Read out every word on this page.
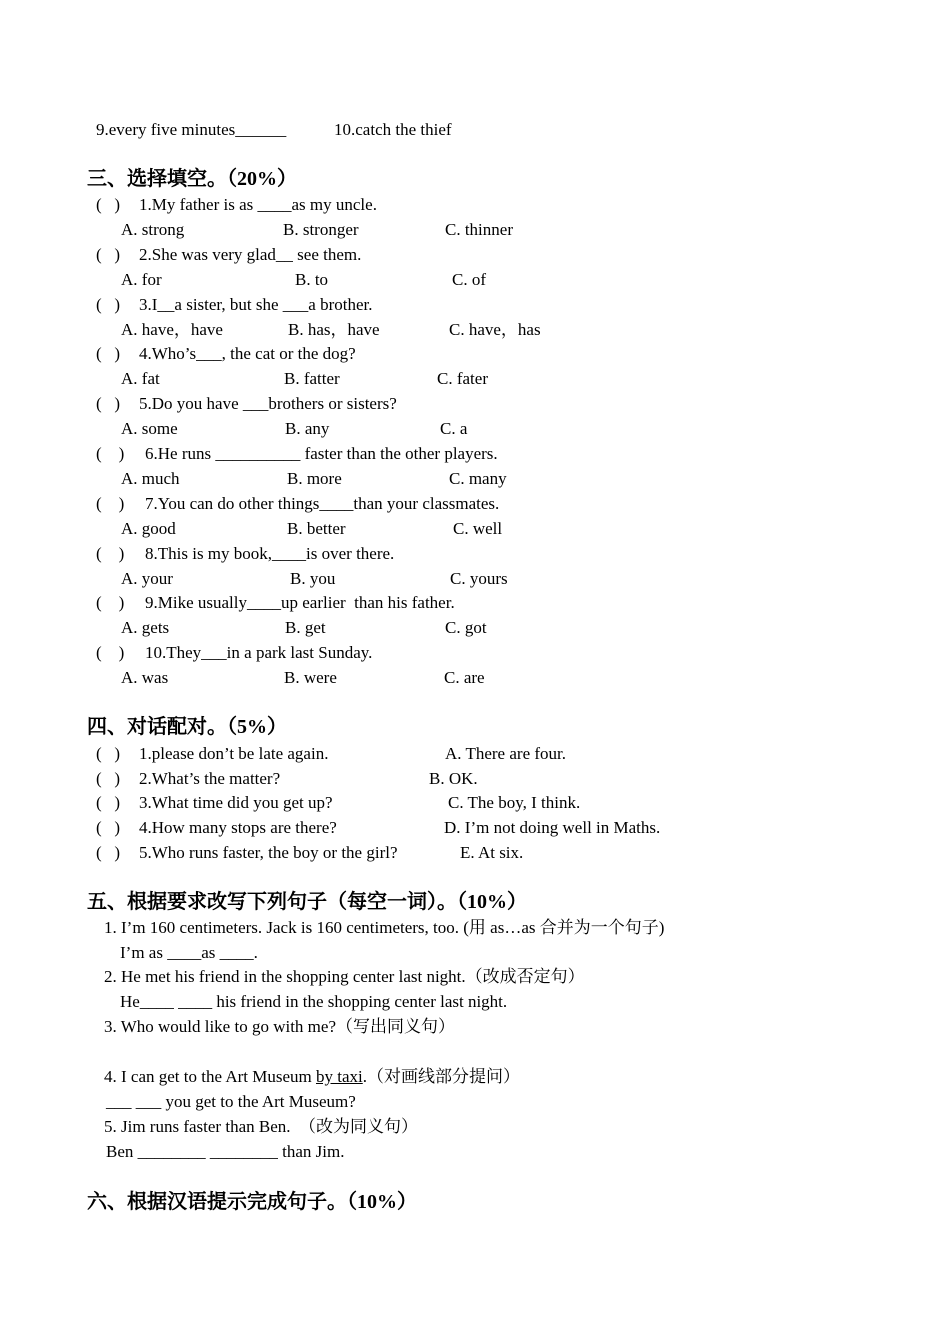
9.every five minutes______	10.catch the thief
三、选择填空。（20%）
(   ) 1.My father is as ____as my uncle.
A. strong	B. stronger	C. thinner
(   ) 2.She was very glad__ see them.
A. for	B. to	C. of
(   ) 3.I__a sister, but she ___a brother.
A. have，have	B. has，have	C. have，has
(   ) 4.Who’s___, the cat or the dog?
A. fat	B. fatter	C. fater
(   ) 5.Do you have ___brothers or sisters?
A. some	B. any	C. a
(    ) 6.He runs __________ faster than the other players.
A. much	B. more	C. many
(    ) 7.You can do other things____than your classmates.
A. good	B. better	C. well
(    ) 8.This is my book,____is over there.
A. your	B. you	C. yours
(    ) 9.Mike usually____up earlier  than his father.
A. gets	B. get	C. got
(    ) 10.They___in a park last Sunday.
A. was	B. were	C. are
四、对话配对。（5%）
(   ) 1.please don’t be late again.	A. There are four.
(   ) 2.What’s the matter?	B. OK.
(   ) 3.What time did you get up?	C. The boy, I think.
(   ) 4.How many stops are there?	D. I’m not doing well in Maths.
(   ) 5.Who runs faster, the boy or the girl?	E. At six.
五、根据要求改写下列句子（每空一词）。（10%）
1. I’m 160 centimeters. Jack is 160 centimeters, too. (用 as…as 合并为一个句子)
I’m as ____as ____.
2. He met his friend in the shopping center last night.（改成否定句）
He____ ____ his friend in the shopping center last night.
3. Who would like to go with me?（写出同义句）
4. I can get to the Art Museum by taxi.（对画线部分提问）
___ ___ you get to the Art Museum?
5. Jim runs faster than Ben.  （改为同义句）
Ben ________ ________ than Jim.
六、根据汉语提示完成句子。（10%）
